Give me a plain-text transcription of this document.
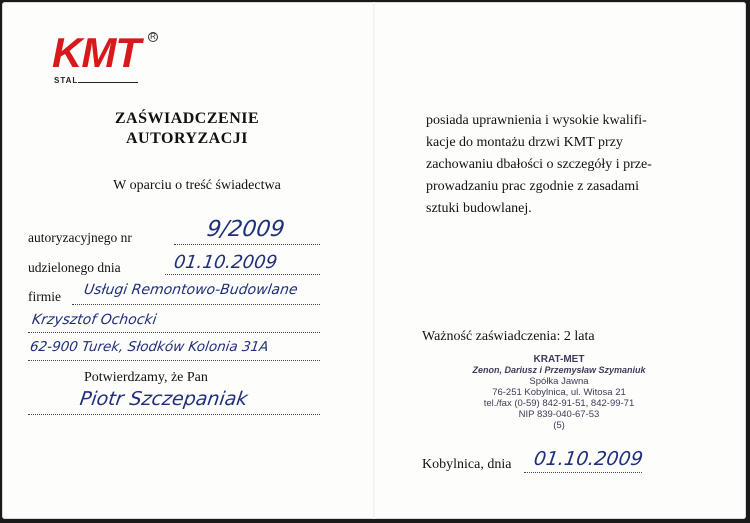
KMT R
STAL
ZAŚWIADCZENIE
AUTORYZACJI
W oparciu o treść świadectwa
autoryzacyjnego nr	9/2009
udzielonego dnia	01.10.2009
firmie Usługi Remontowo-Budowlane
Krzysztof Ochocki
62-900 Turek, Słodków Kolonia 31A
Potwierdzamy, że Pan
Piotr Szczepaniak
posiada uprawnienia i wysokie kwalifi-
kacje do montażu drzwi KMT przy
zachowaniu dbałości o szczegóły i prze-
prowadzaniu prac zgodnie z zasadami
sztuki budowlanej.
Ważność zaświadczenia: 2 lata
KRAT-MET
Zenon, Dariusz i Przemysław Szymaniuk
Spółka Jawna
76-251 Kobylnica, ul. Witosa 21
tel./fax (0-59) 842-91-51, 842-99-71
NIP 839-040-67-53
(5)
Kobylnica, dnia 01.10.2009
